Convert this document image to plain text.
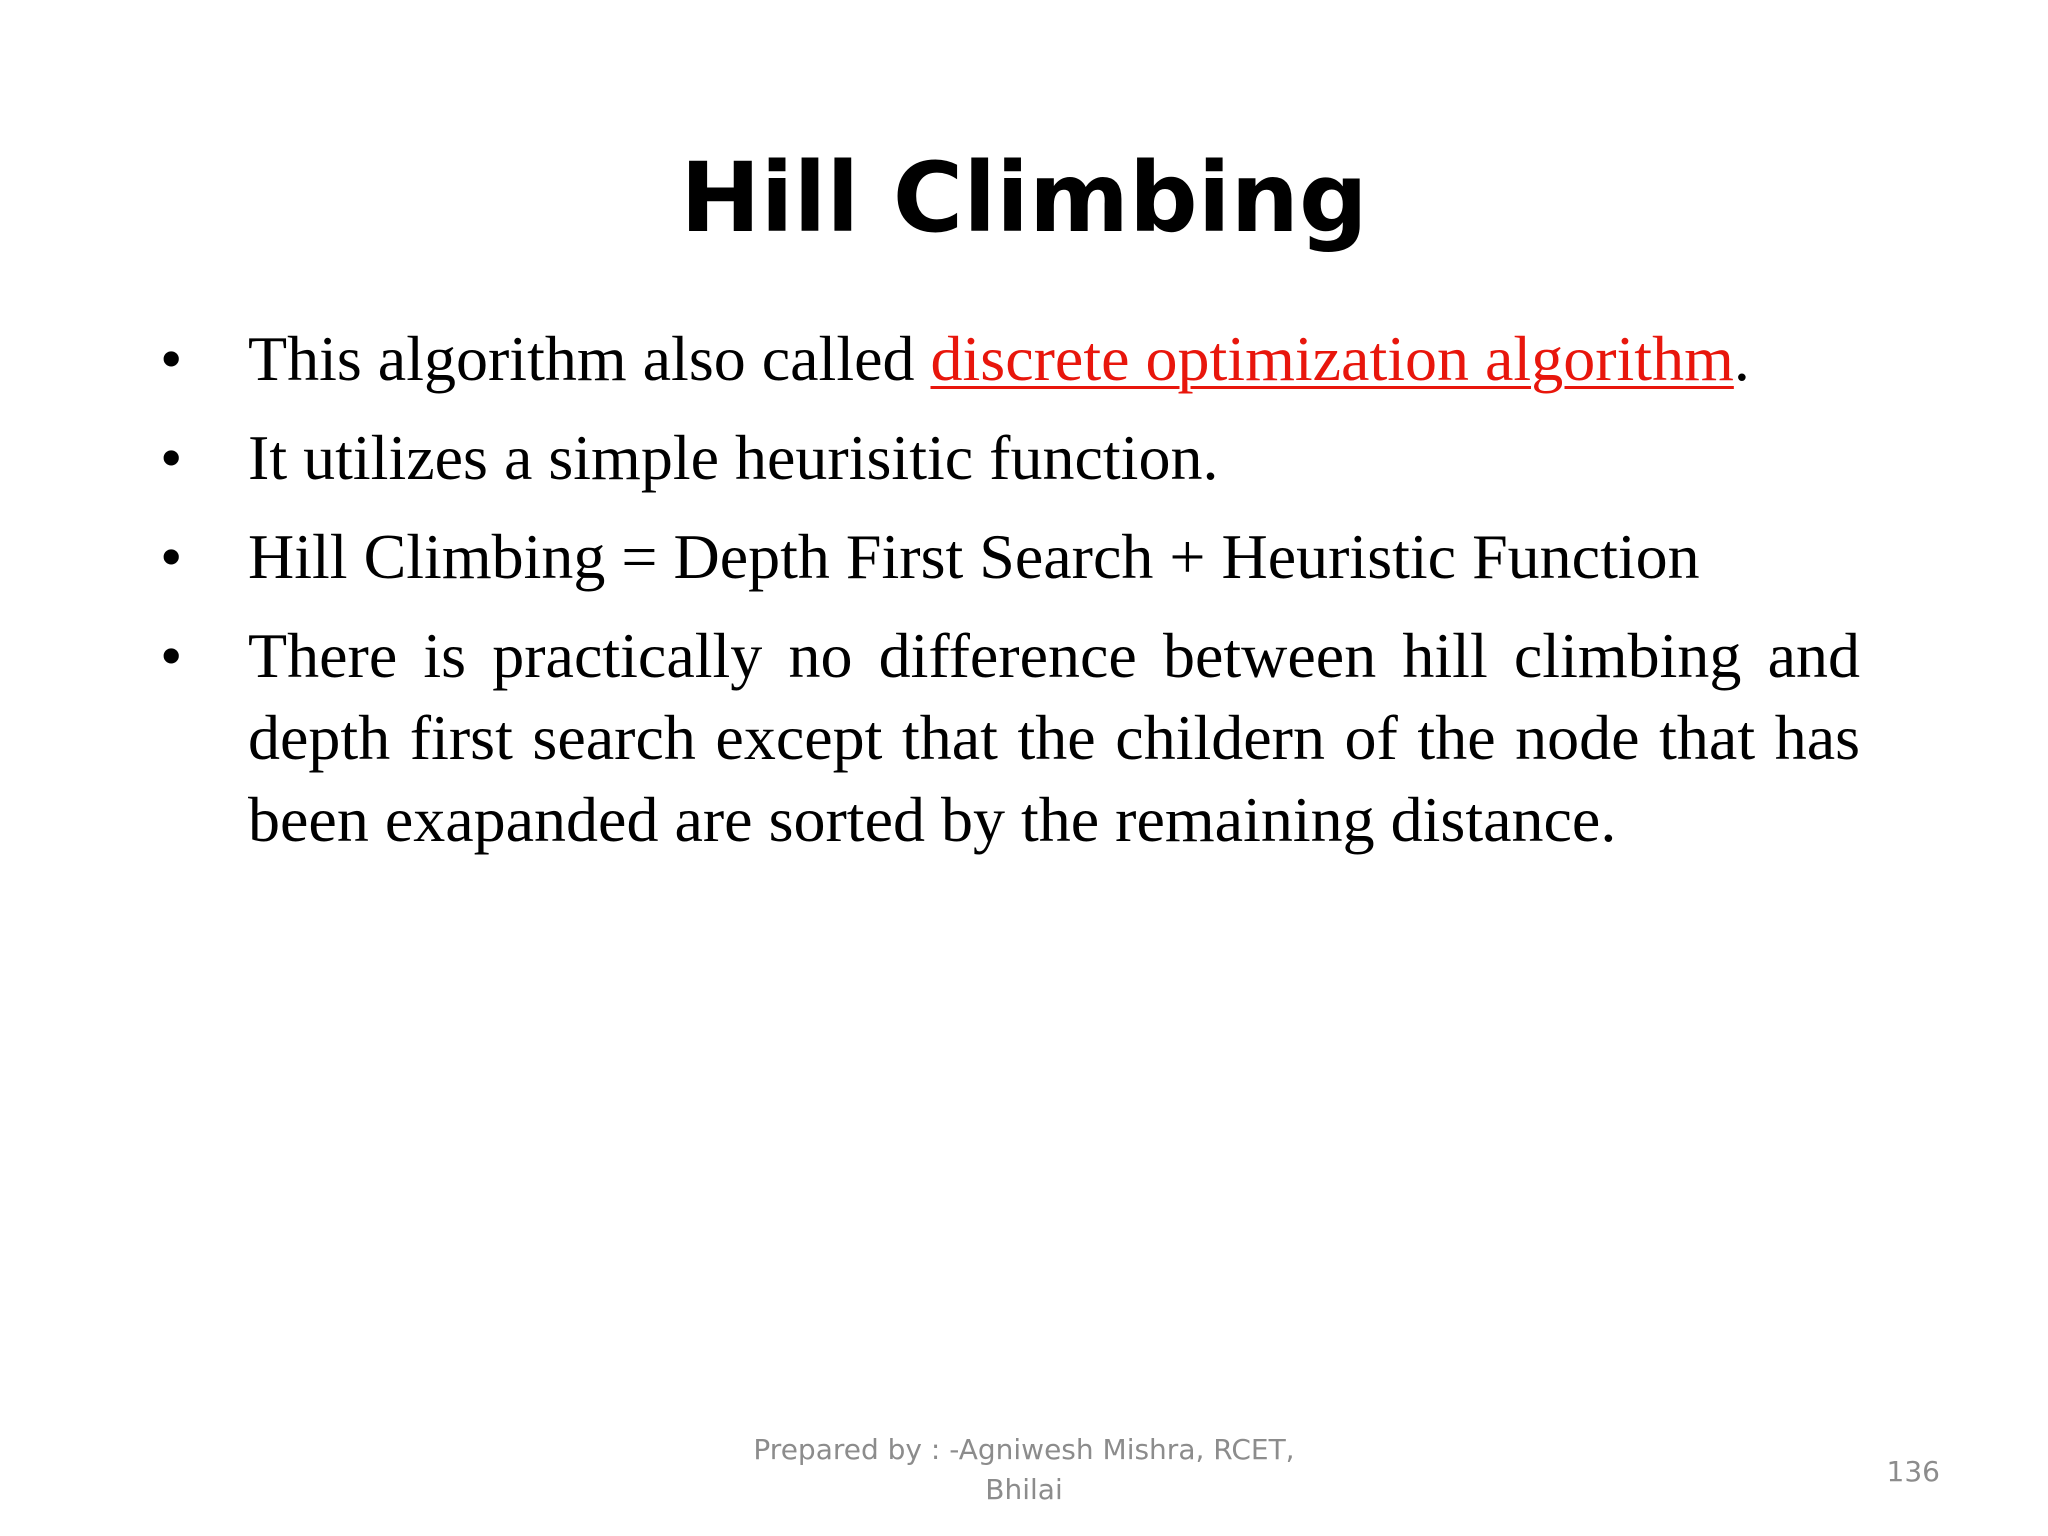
Hill Climbing
•	This algorithm also called discrete optimization algorithm.
•	It utilizes a simple heurisitic function.
•	Hill Climbing = Depth First Search + Heuristic Function
•	There is practically no difference between hill climbing and depth first search except that the childern of the node that has been exapanded are sorted by the remaining distance.
Prepared by : -Agniwesh Mishra, RCET,
Bhilai
136
